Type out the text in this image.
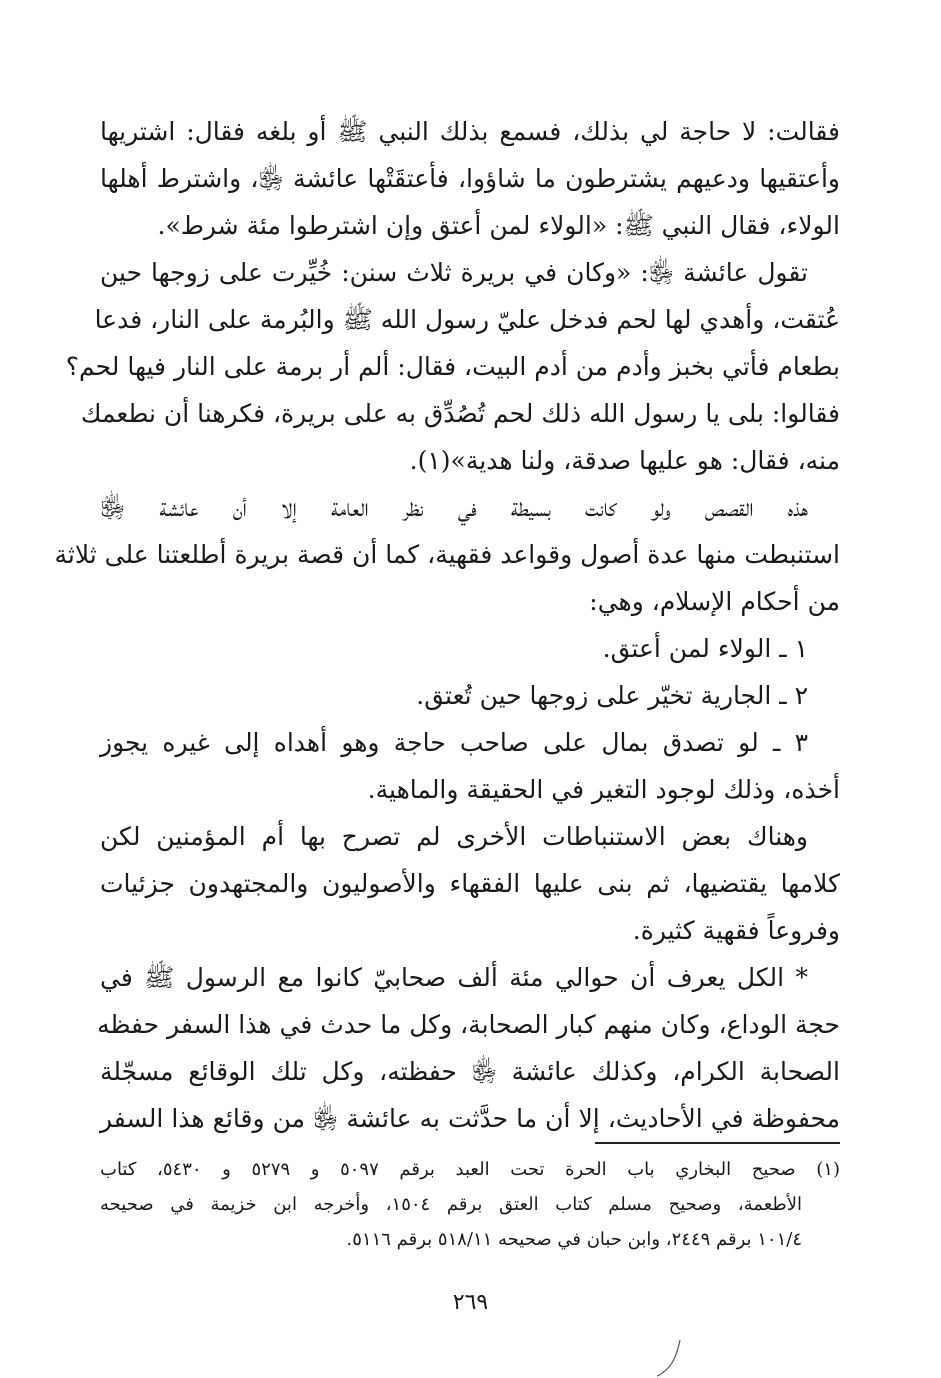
فقالت: لا حاجة لي بذلك، فسمع بذلك النبي ﷺ أو بلغه فقال: اشتريها
وأعتقيها ودعيهم يشترطون ما شاؤوا، فأعتقَتْها عائشة ﵂، واشترط أهلها
الولاء، فقال النبي ﷺ: «الولاء لمن أعتق وإن اشترطوا مئة شرط».
تقول عائشة ﵂: «وكان في بريرة ثلاث سنن: خُيِّرت على زوجها حين
عُتقت، وأهدي لها لحم فدخل عليّ رسول الله ﷺ والبُرمة على النار، فدعا
بطعام فأتي بخبز وأدم من أدم البيت، فقال: ألم أر برمة على النار فيها لحم؟
فقالوا: بلى يا رسول الله ذلك لحم تُصُدِّق به على بريرة، فكرهنا أن نطعمك
منه، فقال: هو عليها صدقة، ولنا هدية»(١).
هذه القصص ولو كانت بسيطة في نظر العامة إلا أن عائشة ﵂
استنبطت منها عدة أصول وقواعد فقهية، كما أن قصة بريرة أطلعتنا على ثلاثة
من أحكام الإسلام، وهي:
١ ـ الولاء لمن أعتق.
٢ ـ الجارية تخيّر على زوجها حين تُعتق.
٣ ـ لو تصدق بمال على صاحب حاجة وهو أهداه إلى غيره يجوز
أخذه، وذلك لوجود التغير في الحقيقة والماهية.
وهناك بعض الاستنباطات الأخرى لم تصرح بها أم المؤمنين لكن
كلامها يقتضيها، ثم بنى عليها الفقهاء والأصوليون والمجتهدون جزئيات
وفروعاً فقهية كثيرة.
* الكل يعرف أن حوالي مئة ألف صحابيّ كانوا مع الرسول ﷺ في
حجة الوداع، وكان منهم كبار الصحابة، وكل ما حدث في هذا السفر حفظه
الصحابة الكرام، وكذلك عائشة ﵂ حفظته، وكل تلك الوقائع مسجّلة
محفوظة في الأحاديث، إلا أن ما حدَّثت به عائشة ﵂ من وقائع هذا السفر
(١) صحيح البخاري باب الحرة تحت العبد برقم ٥٠٩٧ و ٥٢٧٩ و ٥٤٣٠، كتاب
الأطعمة، وصحيح مسلم كتاب العتق برقم ١٥٠٤، وأخرجه ابن خزيمة في صحيحه
١٠١/٤ برقم ٢٤٤٩، وابن حبان في صحيحه ٥١٨/١١ برقم ٥١١٦.
٢٦٩
